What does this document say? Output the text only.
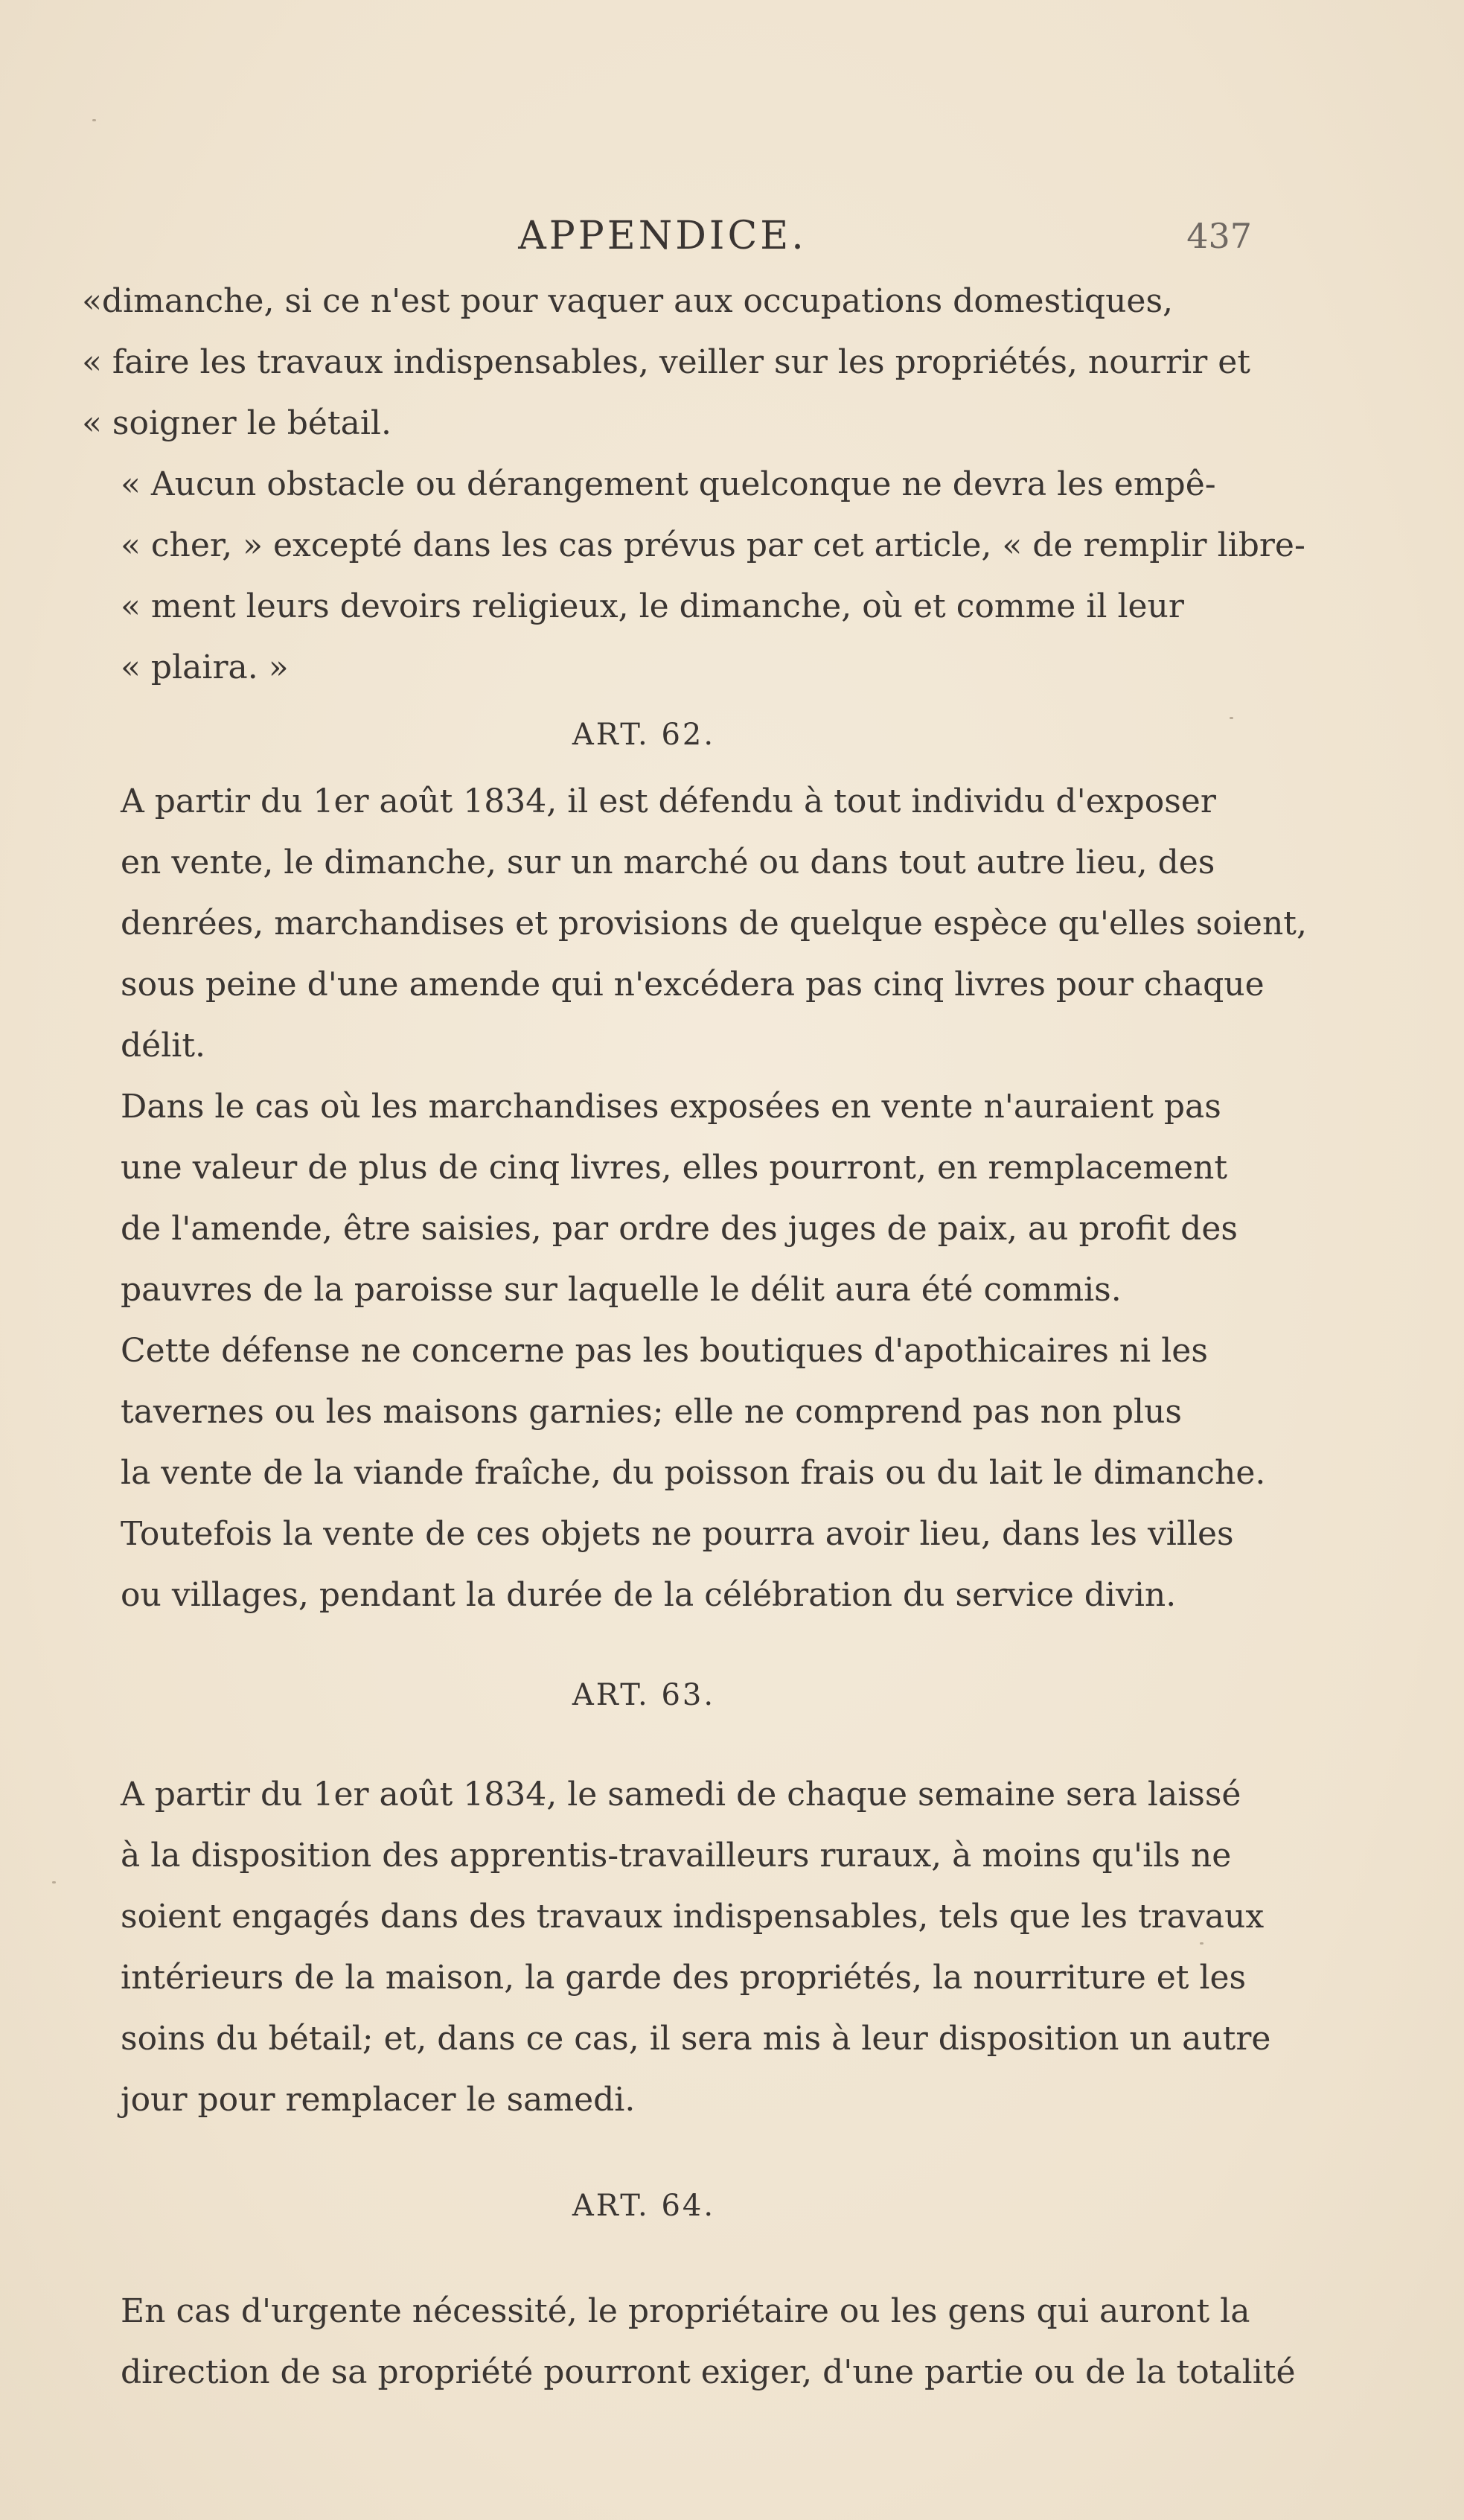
APPENDICE.	437

«dimanche, si ce n'est pour vaquer aux occupations domestiques,
« faire les travaux indispensables, veiller sur les propriétés, nourrir et
« soigner le bétail.

« Aucun obstacle ou dérangement quelconque ne devra les empê-
« cher, » excepté dans les cas prévus par cet article, « de remplir libre-
« ment leurs devoirs religieux, le dimanche, où et comme il leur
« plaira. »

ART. 62.

A partir du 1er août 1834, il est défendu à tout individu d'exposer
en vente, le dimanche, sur un marché ou dans tout autre lieu, des
denrées, marchandises et provisions de quelque espèce qu'elles soient,
sous peine d'une amende qui n'excédera pas cinq livres pour chaque
délit.

Dans le cas où les marchandises exposées en vente n'auraient pas
une valeur de plus de cinq livres, elles pourront, en remplacement
de l'amende, être saisies, par ordre des juges de paix, au profit des
pauvres de la paroisse sur laquelle le délit aura été commis.

Cette défense ne concerne pas les boutiques d'apothicaires ni les
tavernes ou les maisons garnies; elle ne comprend pas non plus
la vente de la viande fraîche, du poisson frais ou du lait le dimanche.
Toutefois la vente de ces objets ne pourra avoir lieu, dans les villes
ou villages, pendant la durée de la célébration du service divin.

ART. 63.

A partir du 1er août 1834, le samedi de chaque semaine sera laissé
à la disposition des apprentis-travailleurs ruraux, à moins qu'ils ne
soient engagés dans des travaux indispensables, tels que les travaux
intérieurs de la maison, la garde des propriétés, la nourriture et les
soins du bétail; et, dans ce cas, il sera mis à leur disposition un autre
jour pour remplacer le samedi.

ART. 64.

En cas d'urgente nécessité, le propriétaire ou les gens qui auront la
direction de sa propriété pourront exiger, d'une partie ou de la totalité
